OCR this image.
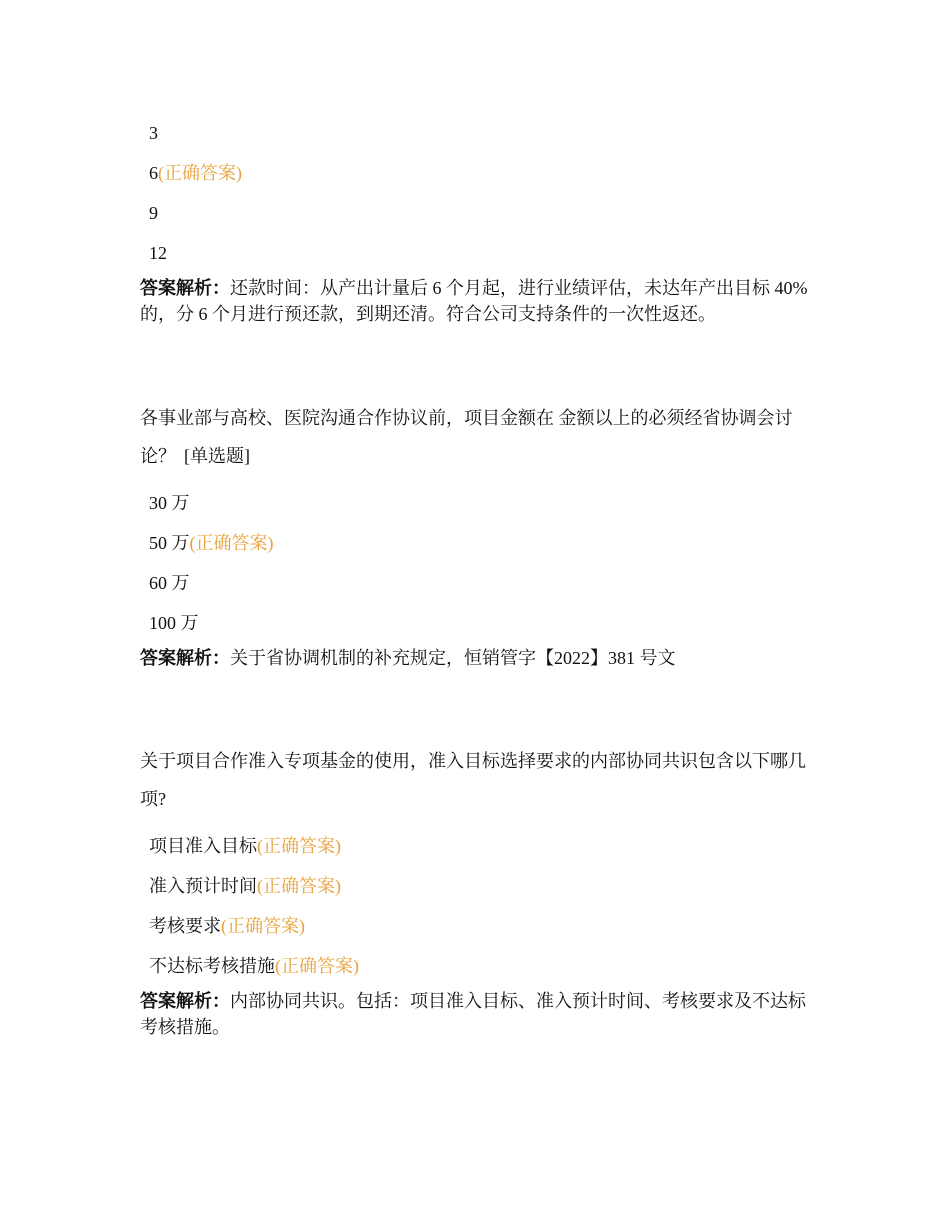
3
6 (正确答案)
9
12

答案解析：还款时间：从产出计量后 6 个月起，进行业绩评估，未达年产出目标 40%的，分 6 个月进行预还款，到期还清。符合公司支持条件的一次性返还。

各事业部与高校、医院沟通合作协议前，项目金额在 金额以上的必须经省协调会讨论？ [单选题]

30 万
50 万 (正确答案)
60 万
100 万

答案解析：关于省协调机制的补充规定，恒销管字【2022】381 号文

关于项目合作准入专项基金的使用，准入目标选择要求的内部协同共识包含以下哪几项?

项目准入目标 (正确答案)
准入预计时间 (正确答案)
考核要求 (正确答案)
不达标考核措施 (正确答案)

答案解析：内部协同共识。包括：项目准入目标、准入预计时间、考核要求及不达标考核措施。
